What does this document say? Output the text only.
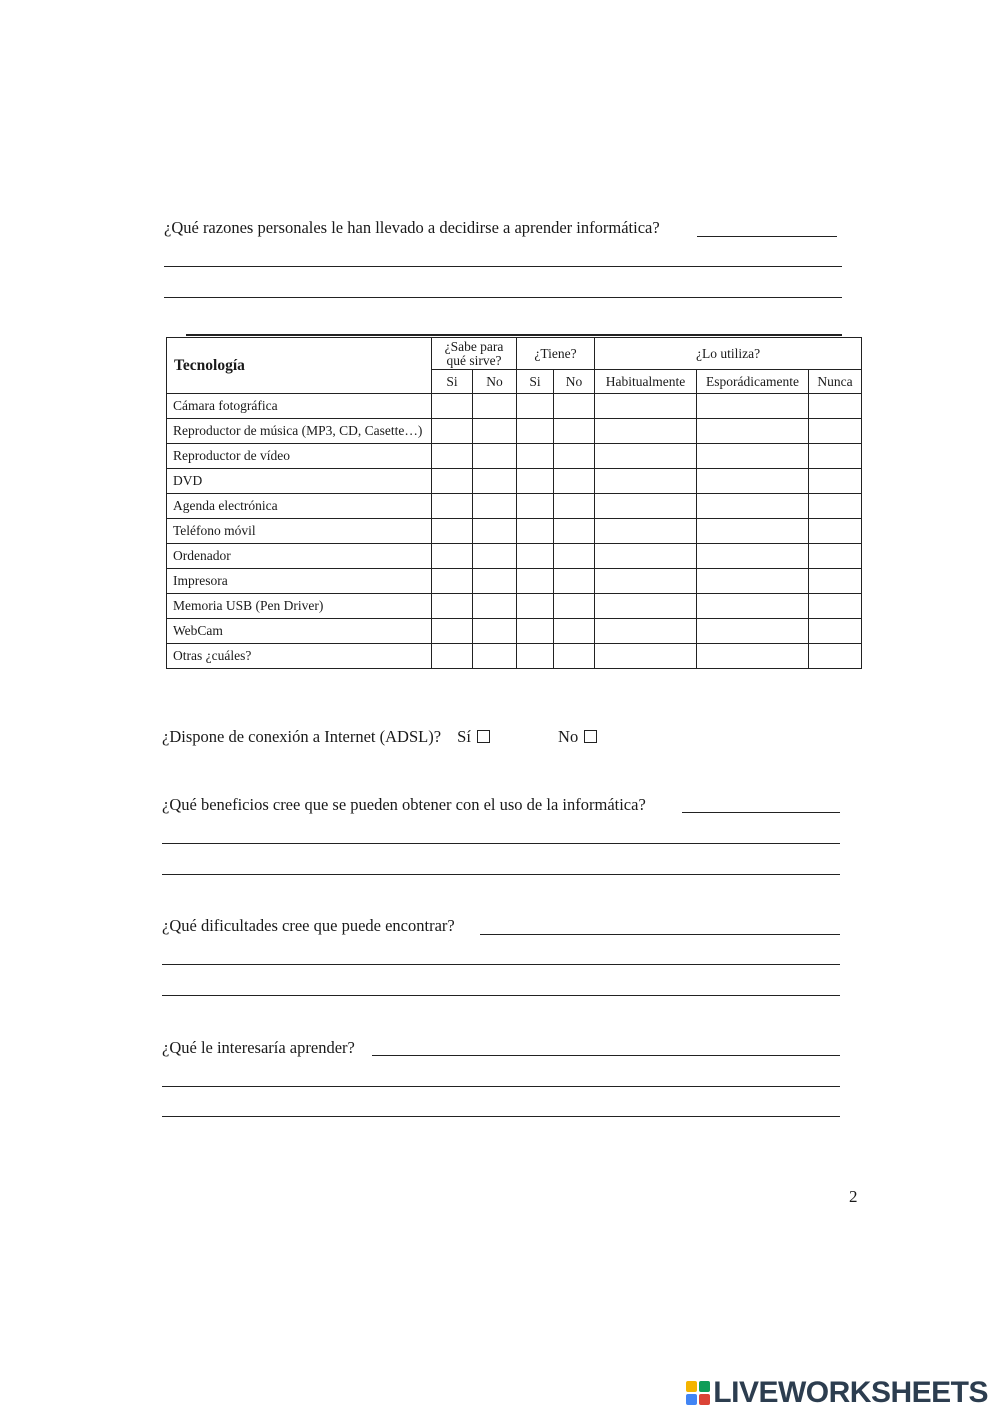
¿Qué razones personales le han llevado a decidirse a aprender informática?
Tecnología	¿Sabe para qué sirve?		¿Tiene?		¿Lo utiliza?		
	Si	No	Si	No	Habitualmente	Esporádicamente	Nunca
Cámara fotográfica							
Reproductor de música (MP3, CD, Casette…)							
Reproductor de vídeo							
DVD							
Agenda electrónica							
Teléfono móvil							
Ordenador							
Impresora							
Memoria USB (Pen Driver)							
WebCam							
Otras ¿cuáles?							
¿Dispone de conexión a Internet (ADSL)? Sí	No
¿Qué beneficios cree que se pueden obtener con el uso de la informática?
¿Qué dificultades cree que puede encontrar?
¿Qué le interesaría aprender?
2
LIVEWORKSHEETS
